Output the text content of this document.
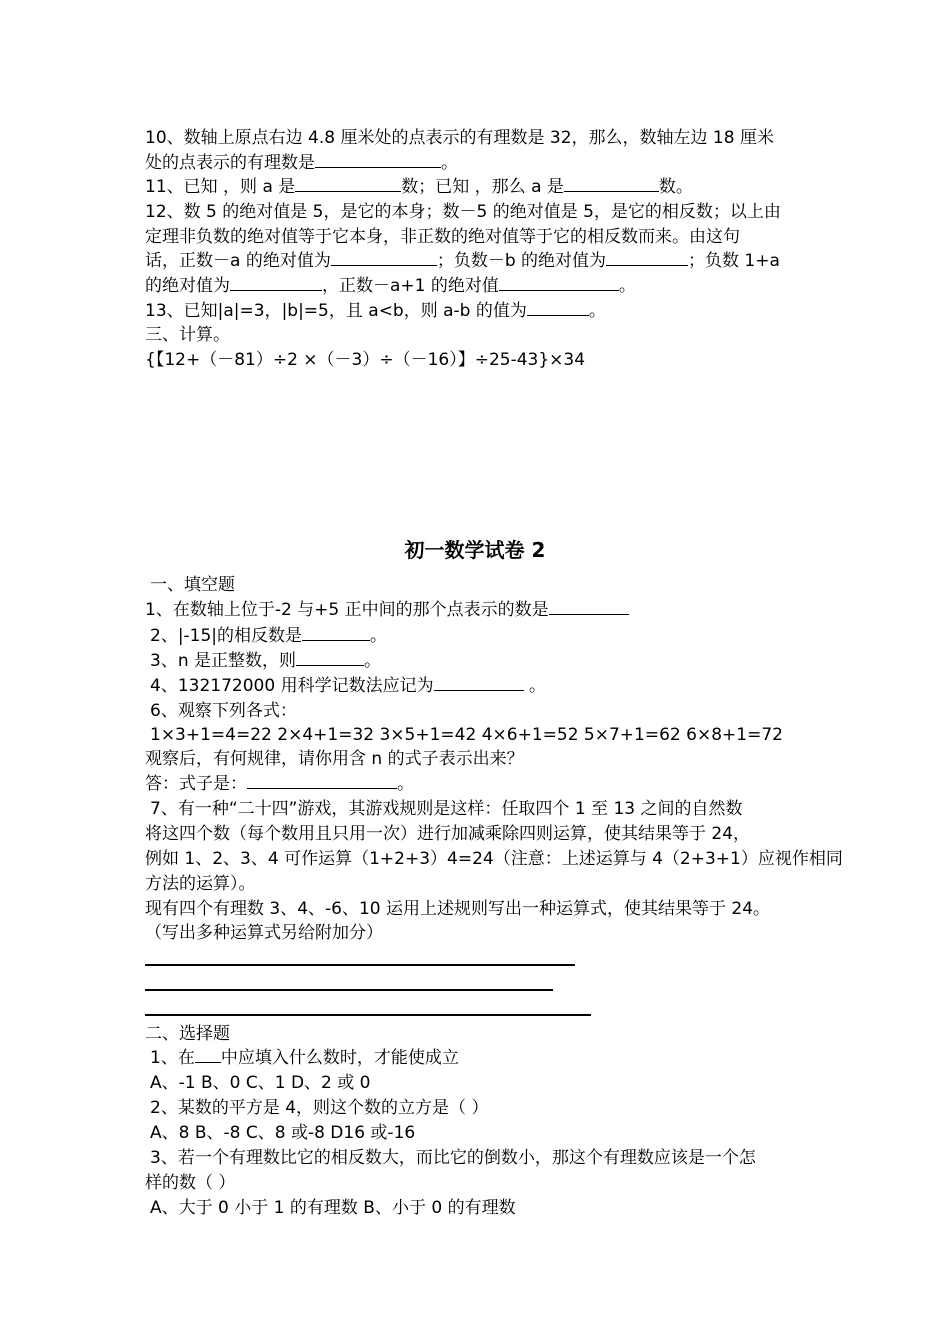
10、数轴上原点右边 4.8 厘米处的点表示的有理数是 32，那么，数轴左边 18 厘米
处的点表示的有理数是	。
11、已知 ，则 a 是	数；已知 ，那么 a 是	数。
12、数 5 的绝对值是 5，是它的本身；数－5 的绝对值是 5，是它的相反数；以上由
定理非负数的绝对值等于它本身，非正数的绝对值等于它的相反数而来。由这句
话，正数－a 的绝对值为	；负数－b 的绝对值为	；负数 1+a
的绝对值为	，正数－a+1 的绝对值	。
13、已知|a|=3，|b|=5，且 a<b，则 a-b 的值为	。
三、计算。
{【12+（－81）÷2 ×（－3）÷（－16）】÷25-43}×34
初一数学试卷 2
一、填空题
1、在数轴上位于-2 与+5 正中间的那个点表示的数是
2、|-15|的相反数是	。
3、n 是正整数，则	。
4、132172000 用科学记数法应记为	。
6、观察下列各式：
1×3+1=4=22 2×4+1=32 3×5+1=42 4×6+1=52 5×7+1=62 6×8+1=72
观察后，有何规律，请你用含 n 的式子表示出来？
答：式子是：	。
7、有一种“二十四”游戏，其游戏规则是这样：任取四个 1 至 13 之间的自然数
将这四个数（每个数用且只用一次）进行加减乘除四则运算，使其结果等于 24，
例如 1、2、3、4 可作运算（1+2+3）4=24（注意：上述运算与 4（2+3+1）应视作相同
方法的运算）。
现有四个有理数 3、4、-6、10 运用上述规则写出一种运算式，使其结果等于 24。
（写出多种运算式另给附加分）
二、选择题
1、在 中应填入什么数时，才能使成立
A、-1 B、0 C、1 D、2 或 0
2、某数的平方是 4，则这个数的立方是（ ）
A、8 B、-8 C、8 或-8 D16 或-16
3、若一个有理数比它的相反数大，而比它的倒数小，那这个有理数应该是一个怎
样的数（ ）
A、大于 0 小于 1 的有理数 B、小于 0 的有理数
